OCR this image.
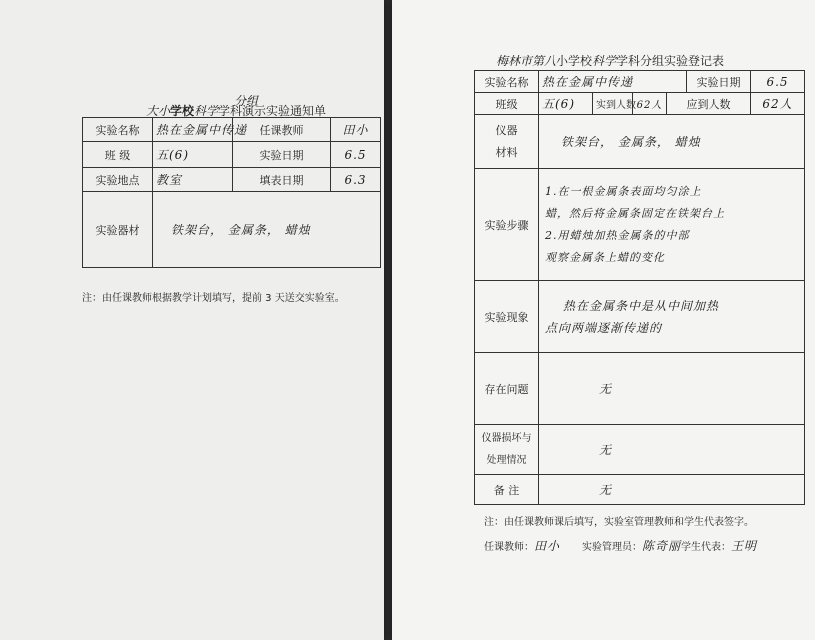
分组
大小学校科学学科演示实验通知单
实验名称	热在金属中传递	任课教师	田小
班 级	五(6)	实验日期	6.5
实验地点	教室	填表日期	6.3
实验器材	铁架台， 金属条， 蜡烛		
注：由任课教师根据教学计划填写，提前 3 天送交实验室。
梅林市第八小学校科学学科分组实验登记表
实验名称	热在金属中传递				实验日期	6.5
班级	五(6)	实到人数	62人	应到人数		62人

仪器
材料	铁架台， 金属条， 蜡烛					
实验步骤	1.在一根金属条表面均匀涂上
蜡，然后将金属条固定在铁架台上
2.用蜡烛加热金属条的中部
观察金属条上蜡的变化					

实验现象	热在金属条中是从中间加热
点向两端逐渐传递的					

存在问题	无					

仪器损坏与
处理情况	无					
备 注	无					
注：由任课教师课后填写，实验室管理教师和学生代表签字。
任课教师：田小 实验管理员：陈奇丽学生代表：王明
